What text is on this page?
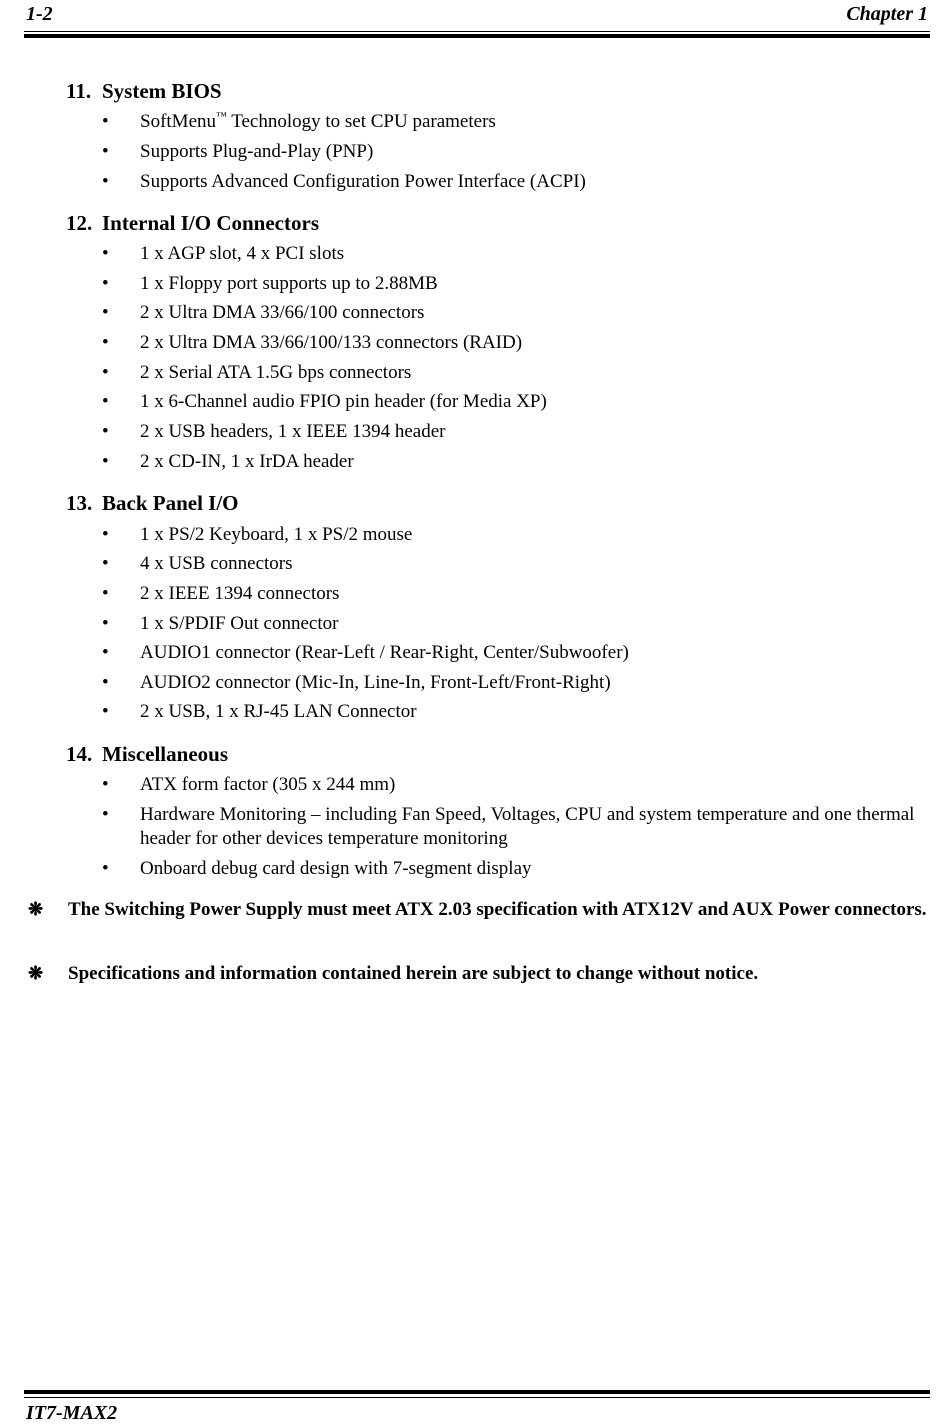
1-2	Chapter 1
11. System BIOS
• SoftMenu™ Technology to set CPU parameters
• Supports Plug-and-Play (PNP)
• Supports Advanced Configuration Power Interface (ACPI)
12. Internal I/O Connectors
• 1 x AGP slot, 4 x PCI slots
• 1 x Floppy port supports up to 2.88MB
• 2 x Ultra DMA 33/66/100 connectors
• 2 x Ultra DMA 33/66/100/133 connectors (RAID)
• 2 x Serial ATA 1.5G bps connectors
• 1 x 6-Channel audio FPIO pin header (for Media XP)
• 2 x USB headers, 1 x IEEE 1394 header
• 2 x CD-IN, 1 x IrDA header
13. Back Panel I/O
• 1 x PS/2 Keyboard, 1 x PS/2 mouse
• 4 x USB connectors
• 2 x IEEE 1394 connectors
• 1 x S/PDIF Out connector
• AUDIO1 connector (Rear-Left / Rear-Right, Center/Subwoofer)
• AUDIO2 connector (Mic-In, Line-In, Front-Left/Front-Right)
• 2 x USB, 1 x RJ-45 LAN Connector
14. Miscellaneous
• ATX form factor (305 x 244 mm)
• Hardware Monitoring – including Fan Speed, Voltages, CPU and system temperature and one thermal header for other devices temperature monitoring
• Onboard debug card design with 7-segment display
❋ The Switching Power Supply must meet ATX 2.03 specification with ATX12V and AUX Power connectors.
❋ Specifications and information contained herein are subject to change without notice.
IT7-MAX2
